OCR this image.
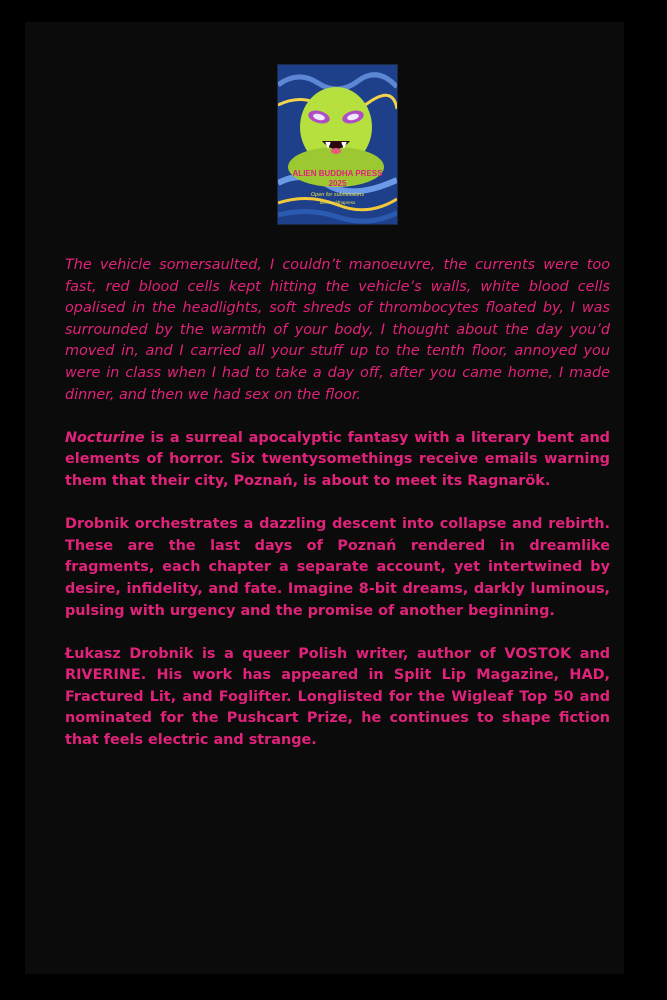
ALIEN BUDDHA PRESS
2025
Open for submissions
alienbuddhapress

The vehicle somersaulted, I couldn’t manoeuvre, the currents were too fast, red blood cells kept hitting the vehicle’s walls, white blood cells opalised in the headlights, soft shreds of thrombocytes floated by, I was surrounded by the warmth of your body, I thought about the day you’d moved in, and I carried all your stuff up to the tenth floor, annoyed you were in class when I had to take a day off, after you came home, I made dinner, and then we had sex on the floor.

Nocturine is a surreal apocalyptic fantasy with a literary bent and elements of horror. Six twentysomethings receive emails warning them that their city, Poznań, is about to meet its Ragnarök.

Drobnik orchestrates a dazzling descent into collapse and rebirth. These are the last days of Poznań rendered in dreamlike fragments, each chapter a separate account, yet intertwined by desire, infidelity, and fate. Imagine 8-bit dreams, darkly luminous, pulsing with urgency and the promise of another beginning.

Łukasz Drobnik is a queer Polish writer, author of VOSTOK and RIVERINE. His work has appeared in Split Lip Magazine, HAD, Fractured Lit, and Foglifter. Longlisted for the Wigleaf Top 50 and nominated for the Pushcart Prize, he continues to shape fiction that feels electric and strange.
